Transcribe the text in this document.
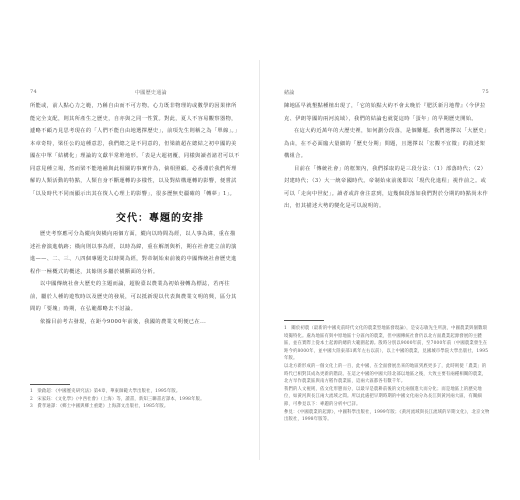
74	中國歷史通論

所能或，前人點心力之範，乃稱自由而不可方物。心力既非物理的或數學的因果律所能完全支配，則其所產生之歷史，自亦與之同一性質。對此，夏人不容易觀察器物，遽略不顧乃見思考現在的「人們不能自由地選擇歷史」，前項先生則稱之為「單線」。」本章奇特，梁任公的這種意思，我們總之是不同意的，但梁啟超在總結之初中國的美國在中單「結構化」理論的文獻半常堆地形。「表是大超初覆，同樣與讀者諸君可以不同意見種立場，然而梁不能地補與此相關的事實作為，倘相照顧。必番淵於我們所理解的人類活動的特點，人類自身不斷運轉的多樣性，以及對結構運轉的影響，便嘗試「以及時代不同而顯示出其在復人心理上的影響」，很多歷無史疆確的「轉夢」1」。

交代：專題的安排

歷史考察應可分為縱向與橫向兩個方面，縱向以時間為經，以人事為緯，重在描述社會演進軌跡；橫向則以事為經，以時為緯，重在解剖與析，期在社會建立前的演進——、二、三、八四個專題先以時間為經，對帝制始束前後的中國傳統社會歷史進程作一極概式的概述，其餘則多屬於橫斷面的分析。

以中國傳統社會大歷史的主題而論，超脫臺以農業為初始發轉為標誌，若再往前，屬於人種的遊牧時以及歷史的發展，可以抵新現以代表與農業文明的興，區分其間的「要塊」時期，在弘範都略去不討論。

依據目前考古發現，在距今9000年前後，我國的農業文明便已在...

1　梁啟超：《中國歷史研究法》第4章，華東師範大學出版社，1995年版。
2　宋家鈺：《文化學》《中西社會》（上海）等，讀書，新知三聯書店譯本，1998年版。
3　費孝通譯：《鄉土中國與鄉土重建》上海譯文出版社，1985年版。
緒論	75

陳地區早就墾點種植出現了，「它的始點大約不會太晚於『肥沃新月地帶』（今伊拉克、伊朗等國的兩河流域），我們的結論也就從這時「蛋年」的早期歷史開始。

在這大約近萬年的大歷史裡，如何劃分段落，是個難題。我們選擇以「大歷史」為由，在不必面臨大量細的「歷史分期」問題，且選擇以「宏觀不宜微」的敘述架構組合。

目前在「傳統社會」的框架內，我們採取的是三段分法：（1）部落時代；（2）封建時代；（3）大一統帝國時代。帝制始束前後即以「現代化進程」視作前之。或可以「走向中世紀」。讀者或許會注意到，這幾個段落如我們對於分期的時點尚未作出，但其描述大勢的變化是可以說明的。

1　關於初農（最新的中國史前時代文化的農業型地區發現論），是安志敏先生所說，中國農業與個數環境獨特化。處為地區有與中原地區十分區內的農業，但中國傳統社會仍以北方面農業起源發展的主體區，並在實際上從本土起源的總的大範圍起源。殷時分別以9000年前，至7000年前（中國農業發生在距今約8000年，並中國大陸東部1萬年左右以前），以上中國的農業，見國城市學院大學出版社，1995年版。

以北方新形成的一個文化上的一百，此中國，在全面發展出來的地區到底更多了，此時則使「農業」的時代已相對其成為更新的階段。在這之中國的中國大陸北部以地區之後，大致主要有兩種相關的農業，北方旱作農業區與南方稻作農業區，這兩大區都各有數千年。

我們的人文視則，依文化形態而分，以最早是農耕前後的文化兩個進大而分化；而是地區上的歷史地位，如黃河與長江兩大流域之間。所以此處把早期時期的中國文化兩分為長江與黃河兩大區，有關細節，可參見以下：專題的分析中已詳。

參見：《中國農業的起源》，中國科學出版社，1999年版；《黃河流域與長江流域的早期文化》，北京文物出版社，1998年版等。
